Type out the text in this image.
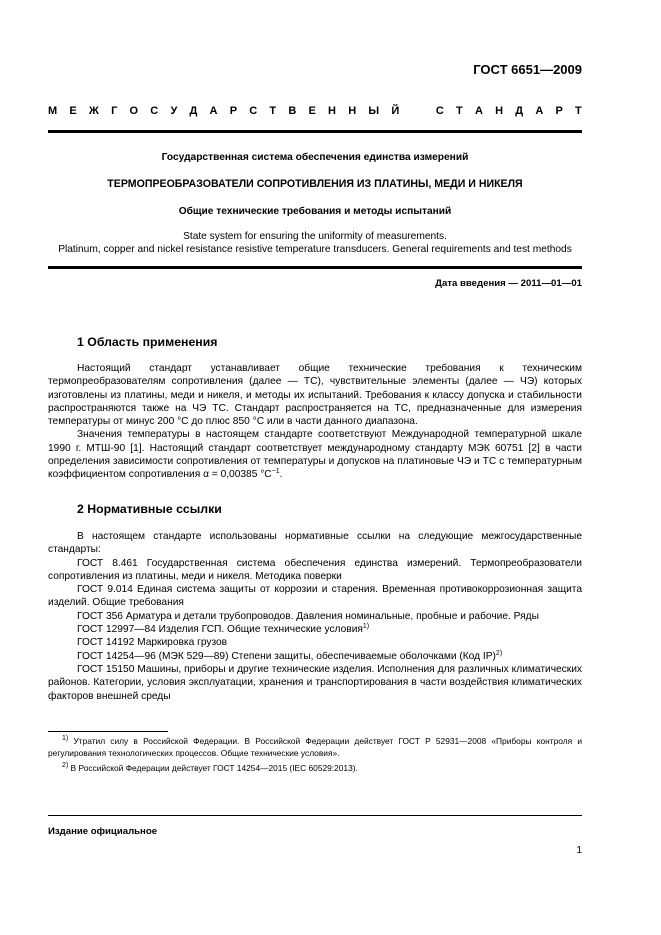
ГОСТ 6651—2009
М Е Ж Г О С У Д А Р С Т В Е Н Н Ы Й	С Т А Н Д А Р Т
Государственная система обеспечения единства измерений
ТЕРМОПРЕОБРАЗОВАТЕЛИ СОПРОТИВЛЕНИЯ ИЗ ПЛАТИНЫ, МЕДИ И НИКЕЛЯ
Общие технические требования и методы испытаний
State system for ensuring the uniformity of measurements.
Platinum, copper and nickel resistance resistive temperature transducers. General requirements and test methods
Дата введения — 2011—01—01
1 Область применения

Настоящий стандарт устанавливает общие технические требования к техническим термопреобразователям сопротивления (далее — ТС), чувствительные элементы (далее — ЧЭ) которых изготовлены из платины, меди и никеля, и методы их испытаний. Требования к классу допуска и стабильности распространяются также на ЧЭ ТС. Стандарт распространяется на ТС, предназначенные для измерения температуры от минус 200 °С до плюс 850 °С или в части данного диапазона.

Значения температуры в настоящем стандарте соответствуют Международной температурной шкале 1990 г. МТШ-90 [1]. Настоящий стандарт соответствует международному стандарту МЭК 60751 [2] в части определения зависимости сопротивления от температуры и допусков на платиновые ЧЭ и ТС с температурным коэффициентом сопротивления α = 0,00385 $^\circ С^{-1}$.

2 Нормативные ссылки

В настоящем стандарте использованы нормативные ссылки на следующие межгосударственные стандарты:

ГОСТ 8.461 Государственная система обеспечения единства измерений. Термопреобразователи сопротивления из платины, меди и никеля. Методика поверки

ГОСТ 9.014 Единая система защиты от коррозии и старения. Временная противокоррозионная защита изделий. Общие требования

ГОСТ 356 Арматура и детали трубопроводов. Давления номинальные, пробные и рабочие. Ряды

ГОСТ 12997—84 Изделия ГСП. Общие технические условия$^{1)}$

ГОСТ 14192 Маркировка грузов

ГОСТ 14254—96 (МЭК 529—89) Степени защиты, обеспечиваемые оболочками (Код IP)$^{2)}$

ГОСТ 15150 Машины, приборы и другие технические изделия. Исполнения для различных климатических районов. Категории, условия эксплуатации, хранения и транспортирования в части воздействия климатических факторов внешней среды

$^{1)}$ Утратил силу в Российской Федерации. В Российской Федерации действует ГОСТ Р 52931—2008 «Приборы контроля и регулирования технологических процессов. Общие технические условия».

$^{2)}$ В Российской Федерации действует ГОСТ 14254—2015 (IEC 60529:2013).

Издание официальное
1
